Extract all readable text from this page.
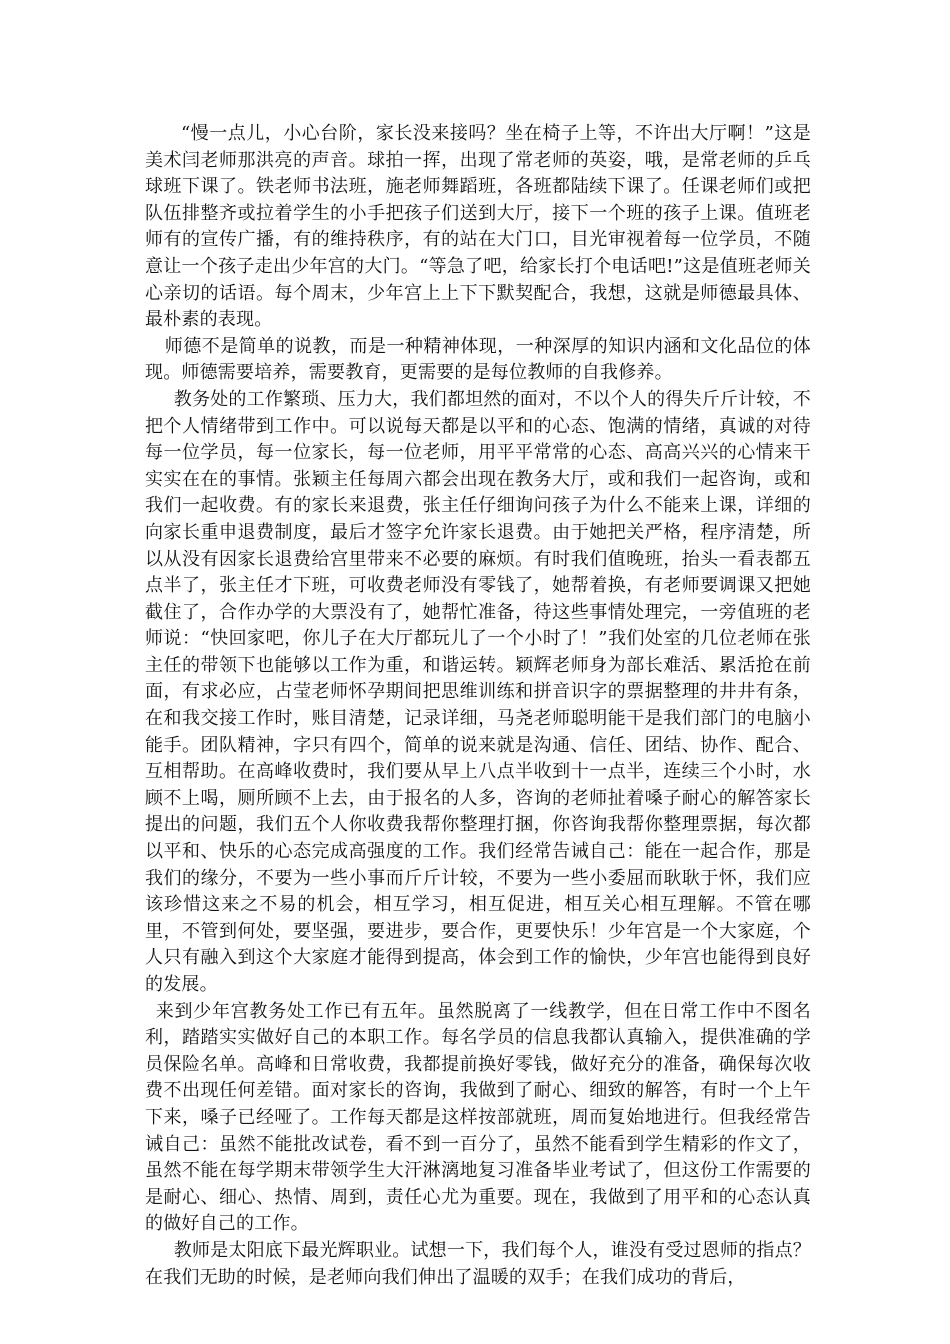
“慢一点儿，小心台阶，家长没来接吗？坐在椅子上等，不许出大厅啊！”这是美术闫老师那洪亮的声音。球拍一挥，出现了常老师的英姿，哦，是常老师的乒乓球班下课了。铁老师书法班，施老师舞蹈班，各班都陆续下课了。任课老师们或把队伍排整齐或拉着学生的小手把孩子们送到大厅，接下一个班的孩子上课。值班老师有的宣传广播，有的维持秩序，有的站在大门口，目光审视着每一位学员，不随意让一个孩子走出少年宫的大门。“等急了吧，给家长打个电话吧!”这是值班老师关心亲切的话语。每个周末，少年宫上上下下默契配合，我想，这就是师德最具体、最朴素的表现。

师德不是简单的说教，而是一种精神体现，一种深厚的知识内涵和文化品位的体现。师德需要培养，需要教育，更需要的是每位教师的自我修养。

教务处的工作繁琐、压力大，我们都坦然的面对，不以个人的得失斤斤计较，不把个人情绪带到工作中。可以说每天都是以平和的心态、饱满的情绪，真诚的对待每一位学员，每一位家长，每一位老师，用平平常常的心态、高高兴兴的心情来干实实在在的事情。张颖主任每周六都会出现在教务大厅，或和我们一起咨询，或和我们一起收费。有的家长来退费，张主任仔细询问孩子为什么不能来上课，详细的向家长重申退费制度，最后才签字允许家长退费。由于她把关严格，程序清楚，所以从没有因家长退费给宫里带来不必要的麻烦。有时我们值晚班，抬头一看表都五点半了，张主任才下班，可收费老师没有零钱了，她帮着换，有老师要调课又把她截住了，合作办学的大票没有了，她帮忙准备，待这些事情处理完，一旁值班的老师说：“快回家吧，你儿子在大厅都玩儿了一个小时了！”我们处室的几位老师在张主任的带领下也能够以工作为重，和谐运转。颖辉老师身为部长难活、累活抢在前面，有求必应，占莹老师怀孕期间把思维训练和拼音识字的票据整理的井井有条，在和我交接工作时，账目清楚，记录详细，马尧老师聪明能干是我们部门的电脑小能手。团队精神，字只有四个，简单的说来就是沟通、信任、团结、协作、配合、互相帮助。在高峰收费时，我们要从早上八点半收到十一点半，连续三个小时，水顾不上喝，厕所顾不上去，由于报名的人多，咨询的老师扯着嗓子耐心的解答家长提出的问题，我们五个人你收费我帮你整理打捆，你咨询我帮你整理票据，每次都以平和、快乐的心态完成高强度的工作。我们经常告诫自己：能在一起合作，那是我们的缘分，不要为一些小事而斤斤计较，不要为一些小委屈而耿耿于怀，我们应该珍惜这来之不易的机会，相互学习，相互促进，相互关心相互理解。不管在哪里，不管到何处，要坚强，要进步，要合作，更要快乐！少年宫是一个大家庭，个人只有融入到这个大家庭才能得到提高，体会到工作的愉快，少年宫也能得到良好的发展。

来到少年宫教务处工作已有五年。虽然脱离了一线教学，但在日常工作中不图名利，踏踏实实做好自己的本职工作。每名学员的信息我都认真输入，提供准确的学员保险名单。高峰和日常收费，我都提前换好零钱，做好充分的准备，确保每次收费不出现任何差错。面对家长的咨询，我做到了耐心、细致的解答，有时一个上午下来，嗓子已经哑了。工作每天都是这样按部就班，周而复始地进行。但我经常告诫自己：虽然不能批改试卷，看不到一百分了，虽然不能看到学生精彩的作文了，虽然不能在每学期末带领学生大汗淋漓地复习准备毕业考试了，但这份工作需要的是耐心、细心、热情、周到，责任心尤为重要。现在，我做到了用平和的心态认真的做好自己的工作。

教师是太阳底下最光辉职业。试想一下，我们每个人，谁没有受过恩师的指点？在我们无助的时候，是老师向我们伸出了温暖的双手；在我们成功的背后，
